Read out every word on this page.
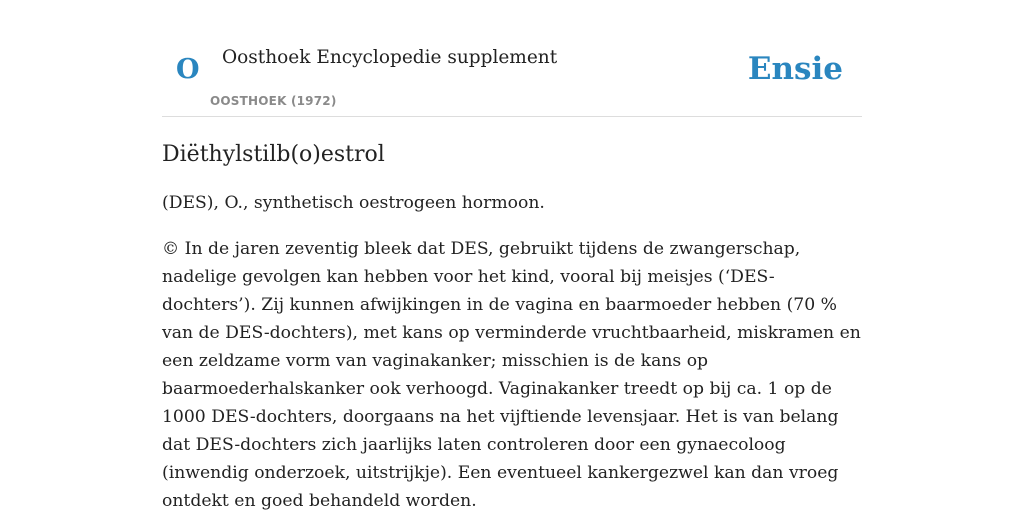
O Oosthoek Encyclopedie supplement
OOSTHOEK (1972)
Ensie
Diëthylstilb(o)estrol

(DES), O., synthetisch oestrogeen hormoon.

© In de jaren zeventig bleek dat DES, gebruikt tijdens de zwangerschap, nadelige gevolgen kan hebben voor het kind, vooral bij meisjes (‘DES-dochters’). Zij kunnen afwijkingen in de vagina en baarmoeder hebben (70 % van de DES-dochters), met kans op verminderde vruchtbaarheid, miskramen en een zeldzame vorm van vaginakanker; misschien is de kans op baarmoederhalskanker ook verhoogd. Vaginakanker treedt op bij ca. 1 op de 1000 DES-dochters, doorgaans na het vijftiende levensjaar. Het is van belang dat DES-dochters zich jaarlijks laten controleren door een gynaecoloog (inwendig onderzoek, uitstrijkje). Een eventueel kankergezwel kan dan vroeg ontdekt en goed behandeld worden.
